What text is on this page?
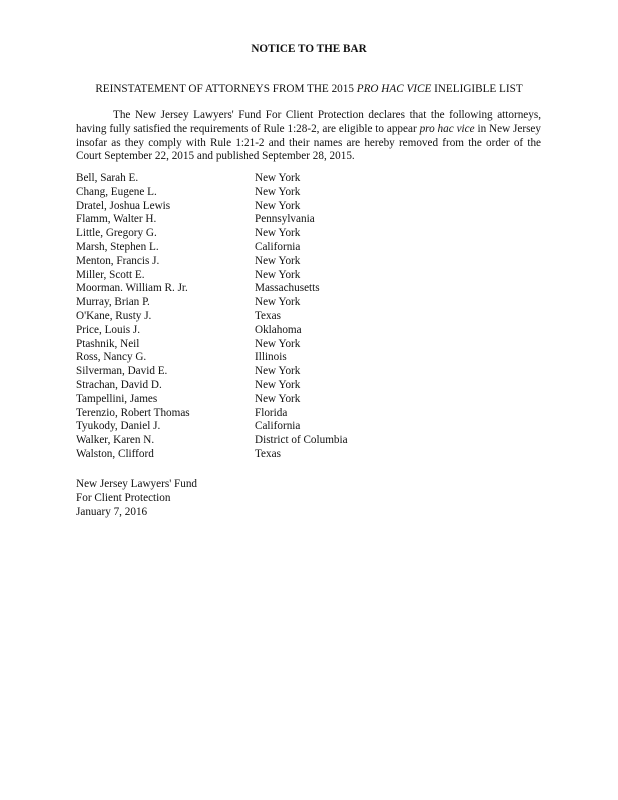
NOTICE TO THE BAR
REINSTATEMENT OF ATTORNEYS FROM THE 2015 PRO HAC VICE INELIGIBLE LIST

The New Jersey Lawyers' Fund For Client Protection declares that the following attorneys, having fully satisfied the requirements of Rule 1:28-2, are eligible to appear pro hac vice in New Jersey insofar as they comply with Rule 1:21-2 and their names are hereby removed from the order of the Court September 22, 2015 and published September 28, 2015.

Bell, Sarah E.	New York
Chang, Eugene L.	New York
Dratel, Joshua Lewis	New York
Flamm, Walter H.	Pennsylvania
Little, Gregory G.	New York
Marsh, Stephen L.	California
Menton, Francis J.	New York
Miller, Scott E.	New York
Moorman. William R. Jr.	Massachusetts
Murray, Brian P.	New York
O'Kane, Rusty J.	Texas
Price, Louis J.	Oklahoma
Ptashnik, Neil	New York
Ross, Nancy G.	Illinois
Silverman, David E.	New York
Strachan, David D.	New York
Tampellini, James	New York
Terenzio, Robert Thomas	Florida
Tyukody, Daniel J.	California
Walker, Karen N.	District of Columbia
Walston, Clifford	Texas
New Jersey Lawyers' Fund
For Client Protection
January 7, 2016
